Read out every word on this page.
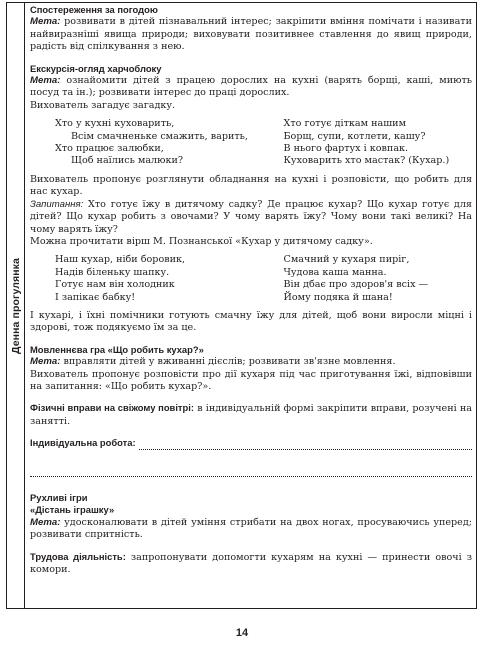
Денна прогулянка
Спостереження за погодою

Мета: розвивати в дітей пізнавальний інтерес; закріпити вміння помічати і називати найвиразніші явища природи; виховувати позитивнее ставлення до явищ природи, радість від спілкування з нею.

Екскурсія-огляд харчоблоку

Мета: ознайомити дітей з працею дорослих на кухні (варять борщі, каші, миють посуд та ін.); розвивати інтерес до праці дорослих.

Вихователь загадує загадку.

Хто у кухні куховарить,
Всім смачненьке смажить, варить,
Хто працює залюбки,
Щоб наїлись малюки?
Хто готує діткам нашим
Борщ, супи, котлети, кашу?
В нього фартух і ковпак.
Куховарить хто мастак? (Кухар.)

Вихователь пропонує розглянути обладнання на кухні і розповісти, що робить для нас кухар.

Запитання: Хто готує їжу в дитячому садку? Де працює кухар? Що кухар готує для дітей? Що кухар робить з овочами? У чому варять їжу? Чому вони такі великі? На чому варять їжу?

Можна прочитати вірш М. Познанської «Кухар у дитячому садку».

Наш кухар, ніби боровик,
Надів біленьку шапку.
Готує нам він холодник
І запікає бабку!
Смачний у кухаря пиріг,
Чудова каша манна.
Він дбає про здоров'я всіх —
Йому подяка й шана!

І кухарі, і їхні помічники готують смачну їжу для дітей, щоб вони виросли міцні і здорові, тож подякуємо їм за це.

Мовленнєва гра «Що робить кухар?»

Мета: вправляти дітей у вживанні дієслів; розвивати зв'язне мовлення.

Вихователь пропонує розповісти про дії кухаря під час приготування їжі, відповівши на запитання: «Що робить кухар?».

Фізичні вправи на свіжому повітрі: в індивідуальній формі закріпити вправи, розучені на занятті.

Індивідуальна робота:
Рухливі ігри
«Дістань іграшку»

Мета: удосконалювати в дітей уміння стрибати на двох ногах, просуваючись уперед; розвивати спритність.

Трудова діяльність: запропонувати допомогти кухарям на кухні — принести овочі з комори.

14
